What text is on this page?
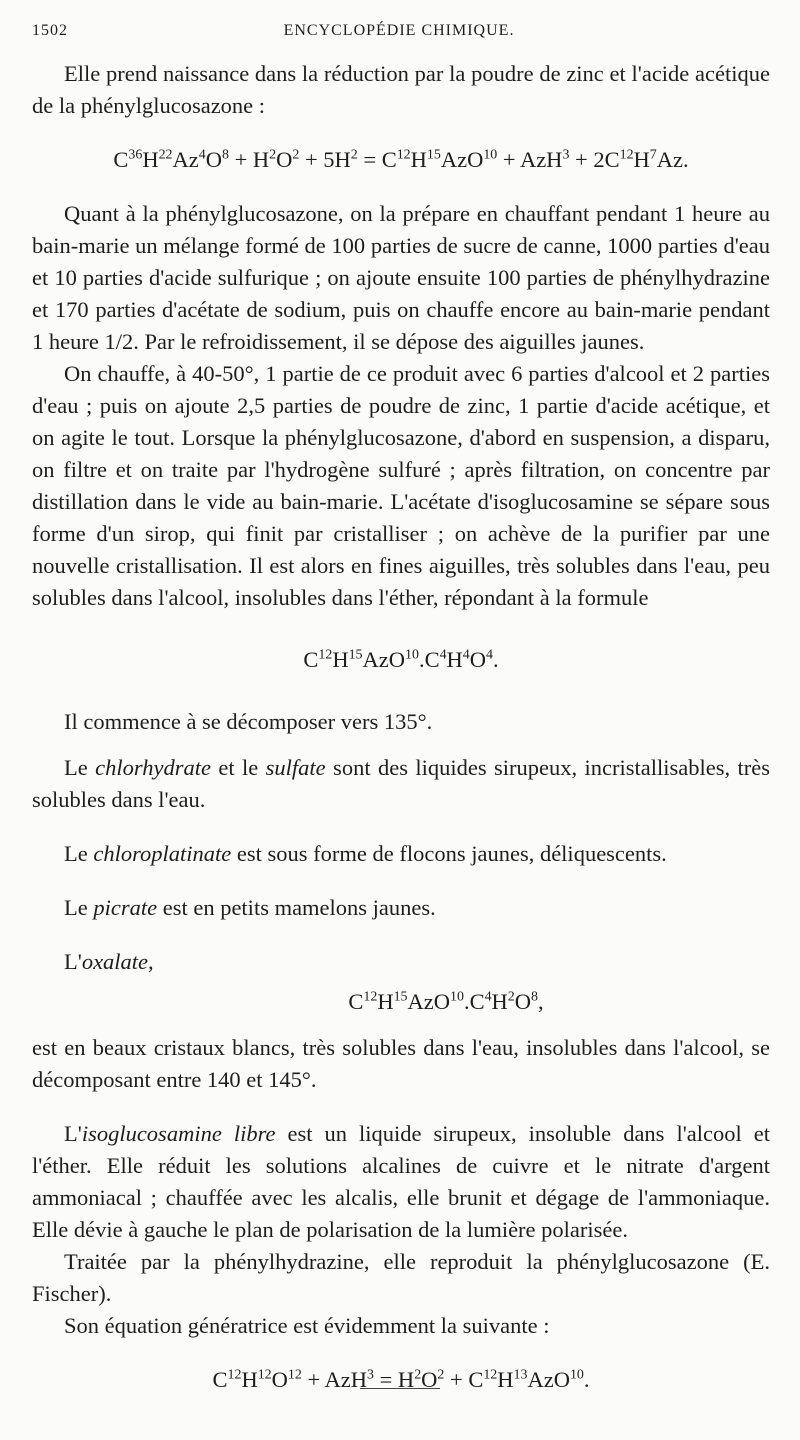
1502	ENCYCLOPÉDIE CHIMIQUE.

Elle prend naissance dans la réduction par la poudre de zinc et l'acide acétique de la phénylglucosazone :

$C^{36}H^{22}Az^4O^8 + H^2O^2 + 5H^2 = C^{12}H^{15}AzO^{10} + AzH^3 + 2C^{12}H^7Az$.

Quant à la phénylglucosazone, on la prépare en chauffant pendant 1 heure au bain-marie un mélange formé de 100 parties de sucre de canne, 1000 parties d'eau et 10 parties d'acide sulfurique ; on ajoute ensuite 100 parties de phénylhydrazine et 170 parties d'acétate de sodium, puis on chauffe encore au bain-marie pendant 1 heure 1/2. Par le refroidissement, il se dépose des aiguilles jaunes.

On chauffe, à 40-50°, 1 partie de ce produit avec 6 parties d'alcool et 2 parties d'eau ; puis on ajoute 2,5 parties de poudre de zinc, 1 partie d'acide acétique, et on agite le tout. Lorsque la phénylglucosazone, d'abord en suspension, a disparu, on filtre et on traite par l'hydrogène sulfuré ; après filtration, on concentre par distillation dans le vide au bain-marie. L'acétate d'isoglucosamine se sépare sous forme d'un sirop, qui finit par cristalliser ; on achève de la purifier par une nouvelle cristallisation. Il est alors en fines aiguilles, très solubles dans l'eau, peu solubles dans l'alcool, insolubles dans l'éther, répondant à la formule

$C^{12}H^{15}AzO^{10}.C^4H^4O^4$.

Il commence à se décomposer vers 135°.

Le chlorhydrate et le sulfate sont des liquides sirupeux, incristallisables, très solubles dans l'eau.

Le chloroplatinate est sous forme de flocons jaunes, déliquescents.

Le picrate est en petits mamelons jaunes.

L'oxalate,

$C^{12}H^{15}AzO^{10}.C^4H^2O^8$,

est en beaux cristaux blancs, très solubles dans l'eau, insolubles dans l'alcool, se décomposant entre 140 et 145°.

L'isoglucosamine libre est un liquide sirupeux, insoluble dans l'alcool et l'éther. Elle réduit les solutions alcalines de cuivre et le nitrate d'argent ammoniacal ; chauffée avec les alcalis, elle brunit et dégage de l'ammoniaque. Elle dévie à gauche le plan de polarisation de la lumière polarisée.

Traitée par la phénylhydrazine, elle reproduit la phénylglucosazone (E. Fischer).

Son équation génératrice est évidemment la suivante :

$C^{12}H^{12}O^{12} + AzH^3 = H^2O^2 + C^{12}H^{13}AzO^{10}$.
